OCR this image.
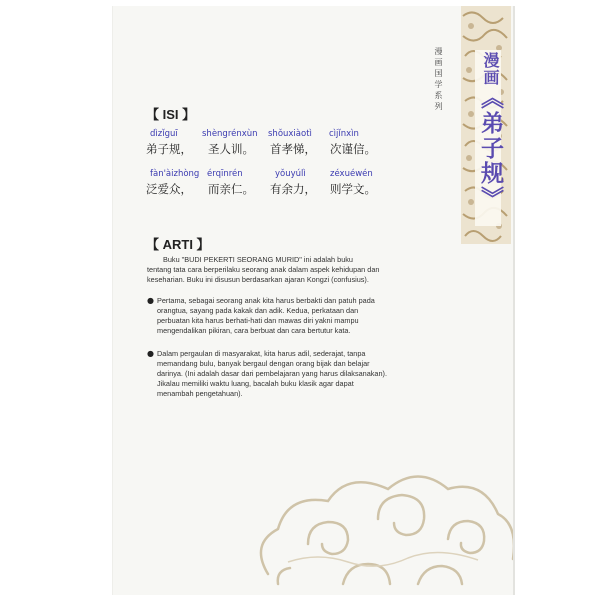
漫画国学系列 漫画《弟子规》
【 ISI 】
dìzǐguī	shèngrénxùn shǒuxiàotì cìjǐnxìn
弟子规， 圣人训。 首孝悌， 次谨信。
fàn'àizhòng érqīnrén	yǒuyúlì	zéxuéwén
泛爱众， 而亲仁。 有余力， 则学文。
【 ARTI 】
Buku "BUDI PEKERTI SEORANG MURID" ini adalah buku
tentang tata cara berperilaku seorang anak dalam aspek kehidupan dan
keseharian. Buku ini disusun berdasarkan ajaran Kongzi (confusius).
● Pertama, sebagai seorang anak kita harus berbakti dan patuh pada
orangtua, sayang pada kakak dan adik. Kedua, perkataan dan
perbuatan kita harus berhati-hati dan mawas diri yakni mampu
mengendalikan pikiran, cara berbuat dan cara bertutur kata.
● Dalam pergaulan di masyarakat, kita harus adil, sederajat, tanpa
memandang bulu, banyak bergaul dengan orang bijak dan belajar
darinya. (Ini adalah dasar dari pembelajaran yang harus dilaksanakan).
Jikalau memiliki waktu luang, bacalah buku klasik agar dapat
menambah pengetahuan).
